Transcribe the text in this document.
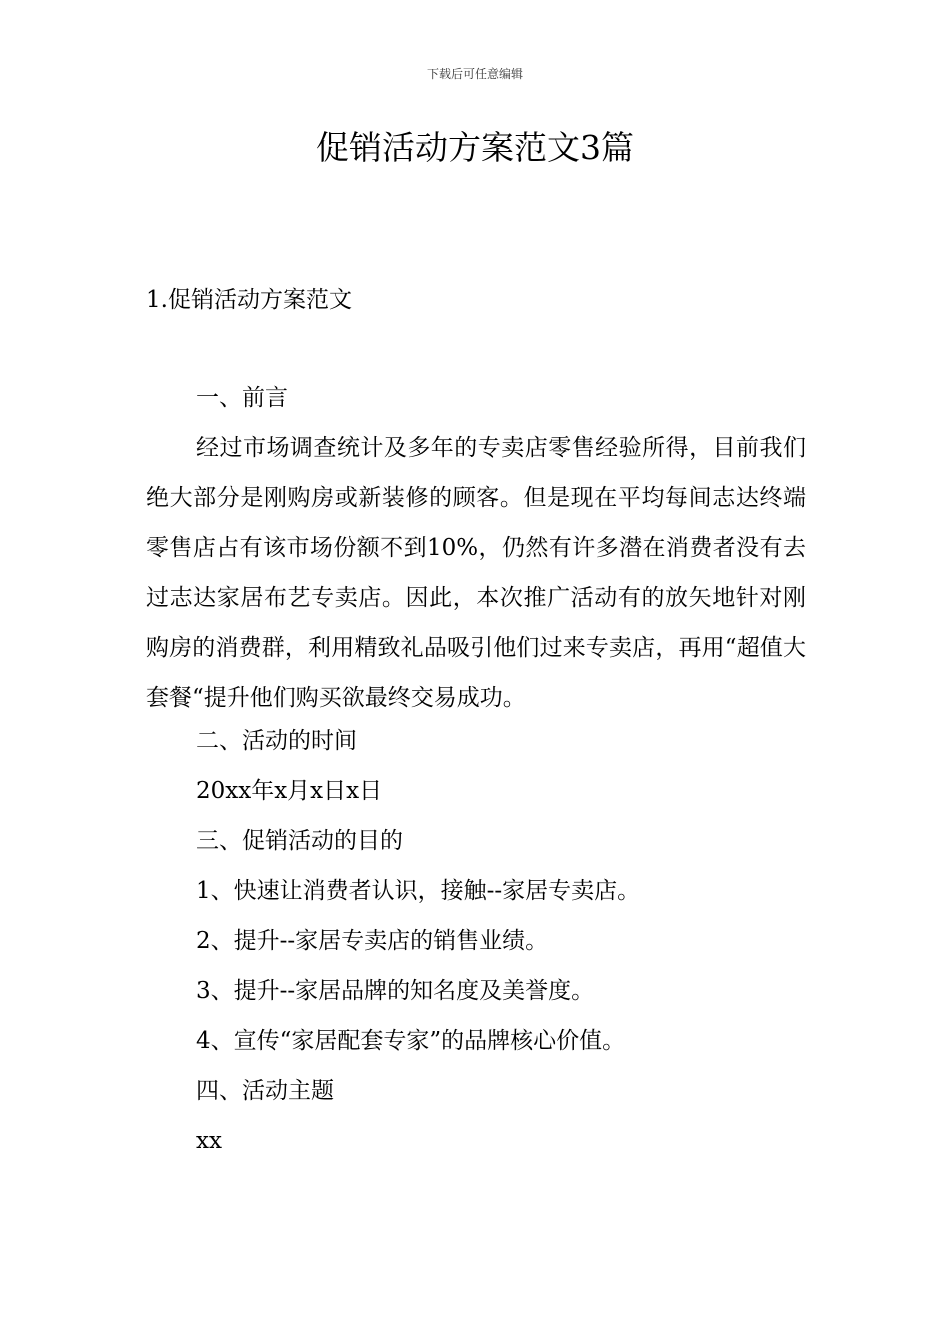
下载后可任意编辑
促销活动方案范文3篇
1.促销活动方案范文
一、前言

经过市场调查统计及多年的专卖店零售经验所得，目前我们绝大部分是刚购房或新装修的顾客。但是现在平均每间志达终端零售店占有该市场份额不到10%，仍然有许多潜在消费者没有去过志达家居布艺专卖店。因此，本次推广活动有的放矢地针对刚购房的消费群，利用精致礼品吸引他们过来专卖店，再用“超值大套餐“提升他们购买欲最终交易成功。

二、活动的时间
20xx年x月x日x日
三、促销活动的目的
1、快速让消费者认识，接触--家居专卖店。
2、提升--家居专卖店的销售业绩。
3、提升--家居品牌的知名度及美誉度。
4、宣传“家居配套专家”的品牌核心价值。
四、活动主题
xx
